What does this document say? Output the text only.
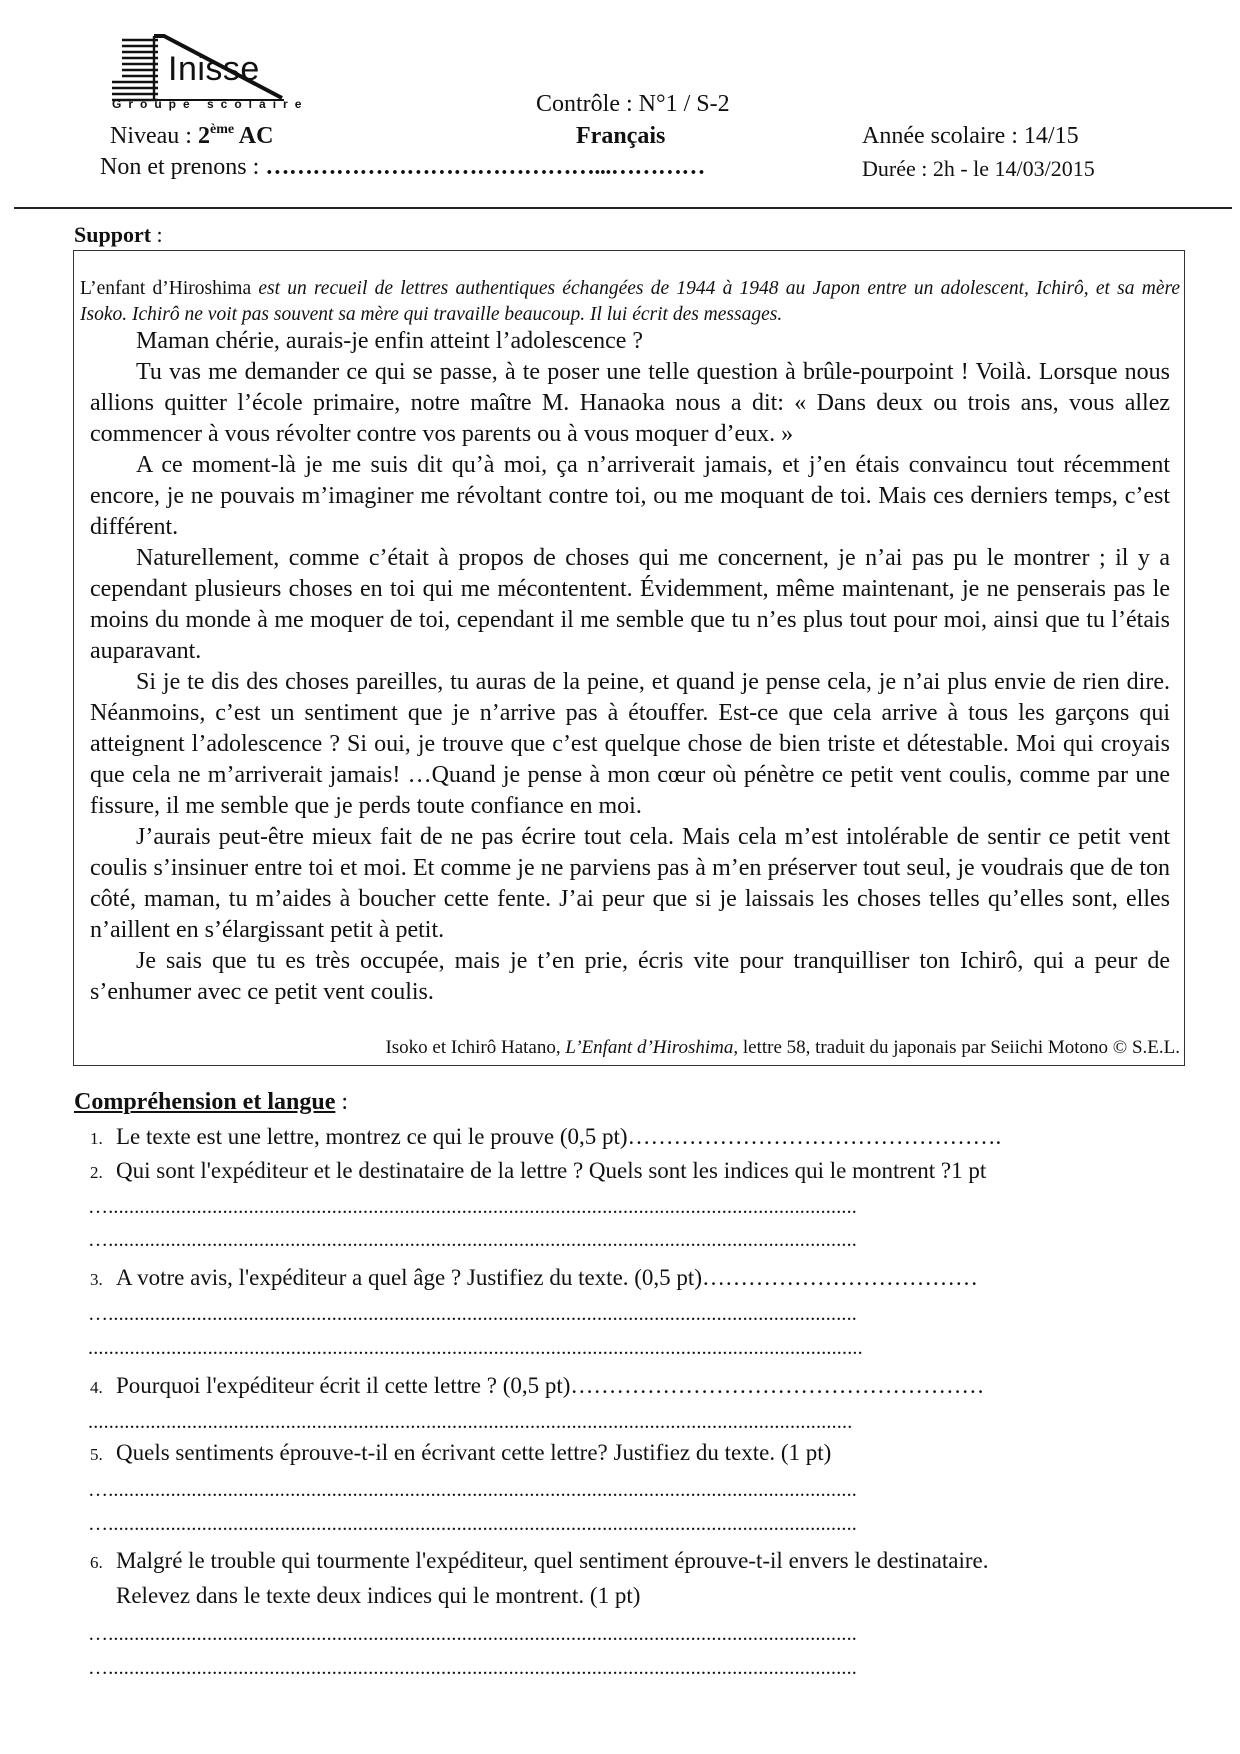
Inisse
Groupe scolaire	Contrôle : N°1 / S-2
Niveau : 2ème AC	Français	Année scolaire : 14/15
Non et prenons : ……………………………………...…………	Durée : 2h - le 14/03/2015
Support :

L’enfant d’Hiroshima est un recueil de lettres authentiques échangées de 1944 à 1948 au Japon entre un adolescent, Ichirô, et sa mère Isoko. Ichirô ne voit pas souvent sa mère qui travaille beaucoup. Il lui écrit des messages.

Maman chérie, aurais-je enfin atteint l’adolescence ?

Tu vas me demander ce qui se passe, à te poser une telle question à brûle-pourpoint ! Voilà. Lorsque nous allions quitter l’école primaire, notre maître M. Hanaoka nous a dit: « Dans deux ou trois ans, vous allez commencer à vous révolter contre vos parents ou à vous moquer d’eux. »

A ce moment-là je me suis dit qu’à moi, ça n’arriverait jamais, et j’en étais convaincu tout récemment encore, je ne pouvais m’imaginer me révoltant contre toi, ou me moquant de toi. Mais ces derniers temps, c’est différent.

Naturellement, comme c’était à propos de choses qui me concernent, je n’ai pas pu le montrer ; il y a cependant plusieurs choses en toi qui me mécontentent. Évidemment, même maintenant, je ne penserais pas le moins du monde à me moquer de toi, cependant il me semble que tu n’es plus tout pour moi, ainsi que tu l’étais auparavant.

Si je te dis des choses pareilles, tu auras de la peine, et quand je pense cela, je n’ai plus envie de rien dire. Néanmoins, c’est un sentiment que je n’arrive pas à étouffer. Est-ce que cela arrive à tous les garçons qui atteignent l’adolescence ? Si oui, je trouve que c’est quelque chose de bien triste et détestable. Moi qui croyais que cela ne m’arriverait jamais! …Quand je pense à mon cœur où pénètre ce petit vent coulis, comme par une fissure, il me semble que je perds toute confiance en moi.

J’aurais peut-être mieux fait de ne pas écrire tout cela. Mais cela m’est intolérable de sentir ce petit vent coulis s’insinuer entre toi et moi. Et comme je ne parviens pas à m’en préserver tout seul, je voudrais que de ton côté, maman, tu m’aides à boucher cette fente. J’ai peur que si je laissais les choses telles qu’elles sont, elles n’aillent en s’élargissant petit à petit.

Je sais que tu es très occupée, mais je t’en prie, écris vite pour tranquilliser ton Ichirô, qui a peur de s’enhumer avec ce petit vent coulis.

Isoko et Ichirô Hatano, L’Enfant d’Hiroshima, lettre 58, traduit du japonais par Seiichi Motono © S.E.L.
Compréhension et langue :
1. Le texte est une lettre, montrez ce qui le prouve (0,5 pt)………………………………………….
2. Qui sont l'expéditeur et le destinataire de la lettre ? Quels sont les indices qui le montrent ?1 pt
…................................................................................................................................................
…................................................................................................................................................
3. A votre avis, l'expéditeur a quel âge ? Justifiez du texte. (0,5 pt)………………………………
…................................................................................................................................................
.....................................................................................................................................................
4. Pourquoi l'expéditeur écrit il cette lettre ? (0,5 pt)………………………………………………
...................................................................................................................................................
5. Quels sentiments éprouve-t-il en écrivant cette lettre? Justifiez du texte. (1 pt)
…................................................................................................................................................
…................................................................................................................................................
6. Malgré le trouble qui tourmente l'expéditeur, quel sentiment éprouve-t-il envers le destinataire.
Relevez dans le texte deux indices qui le montrent. (1 pt)
…................................................................................................................................................
…................................................................................................................................................
